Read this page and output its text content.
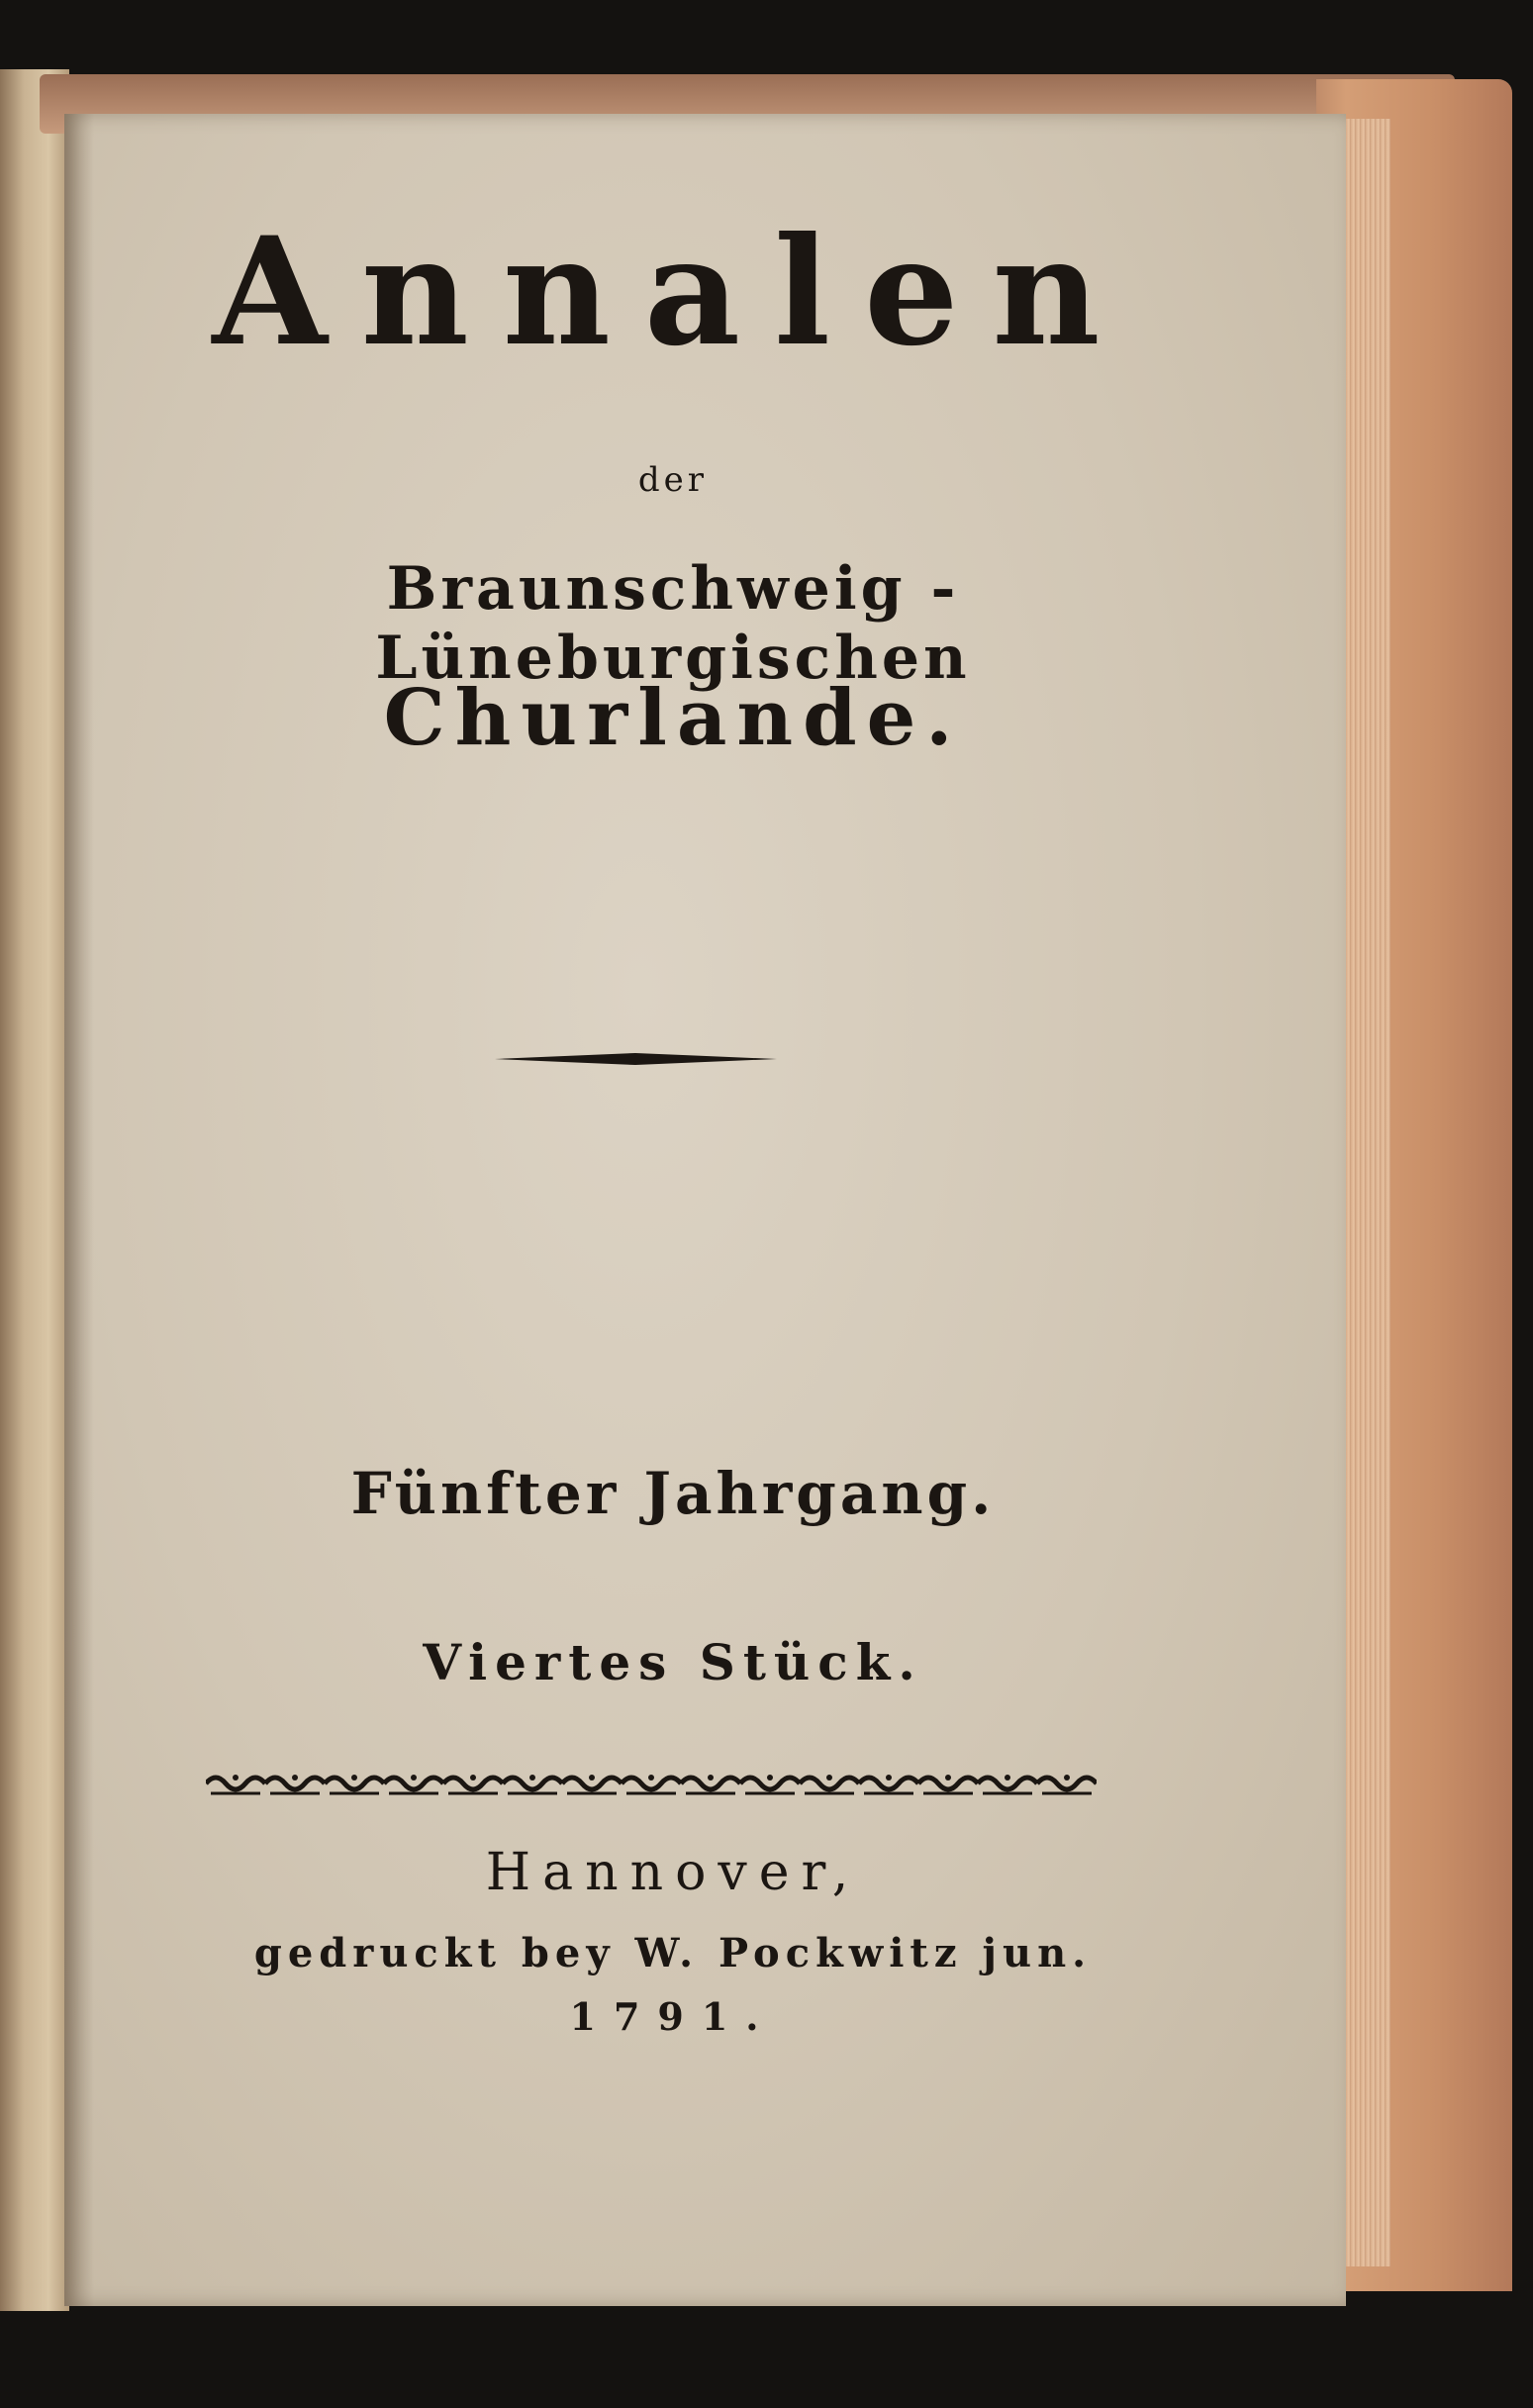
Annalen
der
Braunschweig - Lüneburgischen
Churlande.
Fünfter Jahrgang.
Viertes Stück.
Hannover,
gedruckt bey W. Pockwitz jun.
1791.
